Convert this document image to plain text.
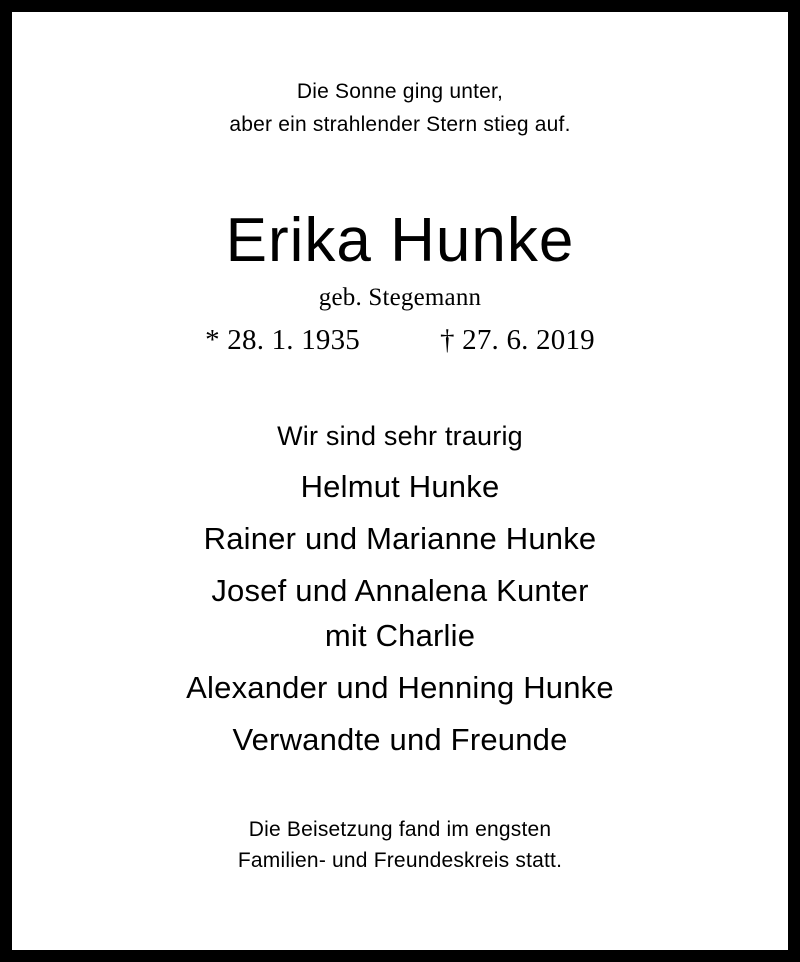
Die Sonne ging unter,
aber ein strahlender Stern stieg auf.
Erika Hunke
geb. Stegemann
* 28. 1. 1935	† 27. 6. 2019
Wir sind sehr traurig
Helmut Hunke
Rainer und Marianne Hunke
Josef und Annalena Kunter
mit Charlie
Alexander und Henning Hunke
Verwandte und Freunde
Die Beisetzung fand im engsten
Familien- und Freundeskreis statt.
